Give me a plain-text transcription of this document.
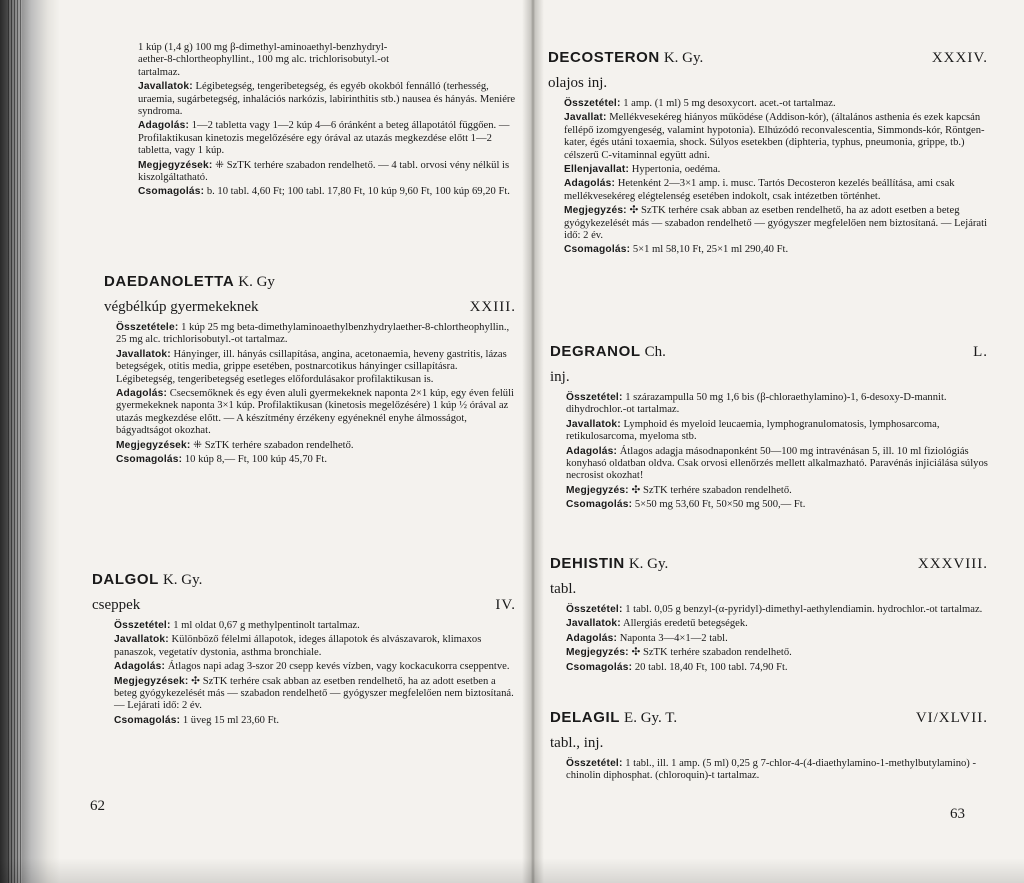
1 kúp (1,4 g) 100 mg β-dimethyl-aminoaethyl-benzhydryl-
aether-8-chlortheophyllint., 100 mg alc. trichlorisobutyl.-ot
tartalmaz.

Javallatok: Légibetegség, tengeribetegség, és egyéb okokból fennálló (terhesség, uraemia, sugárbetegség, inhalációs narkózis, labirinthitis stb.) nausea és hányás. Meniére syndroma.

Adagolás: 1—2 tabletta vagy 1—2 kúp 4—6 óránként a beteg állapotától függően. — Profilaktikusan kinetozis megelőzésére egy órával az utazás megkezdése előtt 1—2 tabletta, vagy 1 kúp.

Megjegyzések: ⁜ SzTK terhére szabadon rendelhető. — 4 tabl. orvosi vény nélkül is kiszolgáltatható.

Csomagolás: b. 10 tabl. 4,60 Ft; 100 tabl. 17,80 Ft, 10 kúp 9,60 Ft, 100 kúp 69,20 Ft.

DAEDANOLETTA K. Gy
végbélkúp gyermekeknek	XXIII.

Összetétele: 1 kúp 25 mg beta-dimethylaminoaethylbenzhydrylaether-8-chlortheophyllin., 25 mg alc. trichlorisobutyl.-ot tartalmaz.

Javallatok: Hányinger, ill. hányás csillapítása, angina, acetonaemia, heveny gastritis, lázas betegségek, otitis media, grippe esetében, postnarcotikus hányinger csillapításra. Légibetegség, tengeribetegség esetleges előfordulásakor profilaktikusan is.

Adagolás: Csecsemőknek és egy éven aluli gyermekeknek naponta 2×1 kúp, egy éven felüli gyermekeknek naponta 3×1 kúp. Profilaktikusan (kinetosis megelőzésére) 1 kúp ½ órával az utazás megkezdése előtt. — A készítmény érzékeny egyéneknél enyhe álmosságot, bágyadtságot okozhat.

Megjegyzések: ⁜ SzTK terhére szabadon rendelhető.

Csomagolás: 10 kúp 8,— Ft, 100 kúp 45,70 Ft.

DALGOL K. Gy.
cseppek	IV.

Összetétel: 1 ml oldat 0,67 g methylpentinolt tartalmaz.

Javallatok: Különböző félelmi állapotok, ideges állapotok és alvászavarok, klimaxos panaszok, vegetatív dystonia, asthma bronchiale.

Adagolás: Átlagos napi adag 3-szor 20 csepp kevés vízben, vagy kockacukorra cseppentve.

Megjegyzések: ✣ SzTK terhére csak abban az esetben rendelhető, ha az adott esetben a beteg gyógykezelését más — szabadon rendelhető — gyógyszer megfelelően nem biztosítaná. — Lejárati idő: 2 év.

Csomagolás: 1 üveg 15 ml 23,60 Ft.

62
DECOSTERON K. Gy.	XXXIV.
olajos inj.

Összetétel: 1 amp. (1 ml) 5 mg desoxycort. acet.-ot tartalmaz.

Javallat: Mellékvesekéreg hiányos működése (Addison-kór), (általános asthenia és ezek kapcsán fellépő izomgyengeség, valamint hypotonia). Elhúzódó reconvalescentia, Simmonds-kór, Röntgen-kater, égés utáni toxaemia, shock. Súlyos esetekben (diphteria, typhus, pneumonia, grippe, tb.) célszerű C-vitaminnal együtt adni.

Ellenjavallat: Hypertonia, oedéma.

Adagolás: Hetenként 2—3×1 amp. i. musc. Tartós Decosteron kezelés beállítása, ami csak mellékvesekéreg elégtelenség esetében indokolt, csak intézetben történhet.

Megjegyzés: ✣ SzTK terhére csak abban az esetben rendelhető, ha az adott esetben a beteg gyógykezelését más — szabadon rendelhető — gyógyszer megfelelően nem biztosítaná. — Lejárati idő: 2 év.

Csomagolás: 5×1 ml 58,10 Ft, 25×1 ml 290,40 Ft.

DEGRANOL Ch.	L.
inj.

Összetétel: 1 szárazampulla 50 mg 1,6 bis (β-chloraethylamino)-1, 6-desoxy-D-mannit. dihydrochlor.-ot tartalmaz.

Javallatok: Lymphoid és myeloid leucaemia, lymphogranulomatosis, lymphosarcoma, retikulosarcoma, myeloma stb.

Adagolás: Átlagos adagja másodnaponként 50—100 mg intravénásan 5, ill. 10 ml fiziológiás konyhasó oldatban oldva. Csak orvosi ellenőrzés mellett alkalmazható. Paravénás injiciálása súlyos necrosist okozhat!

Megjegyzés: ✣ SzTK terhére szabadon rendelhető.

Csomagolás: 5×50 mg 53,60 Ft, 50×50 mg 500,— Ft.

DEHISTIN K. Gy.	XXXVIII.
tabl.

Összetétel: 1 tabl. 0,05 g benzyl-(α-pyridyl)-dimethyl-aethylendiamin. hydrochlor.-ot tartalmaz.

Javallatok: Allergiás eredetű betegségek.

Adagolás: Naponta 3—4×1—2 tabl.

Megjegyzés: ✣ SzTK terhére szabadon rendelhető.

Csomagolás: 20 tabl. 18,40 Ft, 100 tabl. 74,90 Ft.

DELAGIL E. Gy. T.	VI/XLVII.
tabl., inj.

Összetétel: 1 tabl., ill. 1 amp. (5 ml) 0,25 g 7-chlor-4-(4-diaethylamino-1-methylbutylamino) -chinolin diphosphat. (chloroquin)-t tartalmaz.

63
